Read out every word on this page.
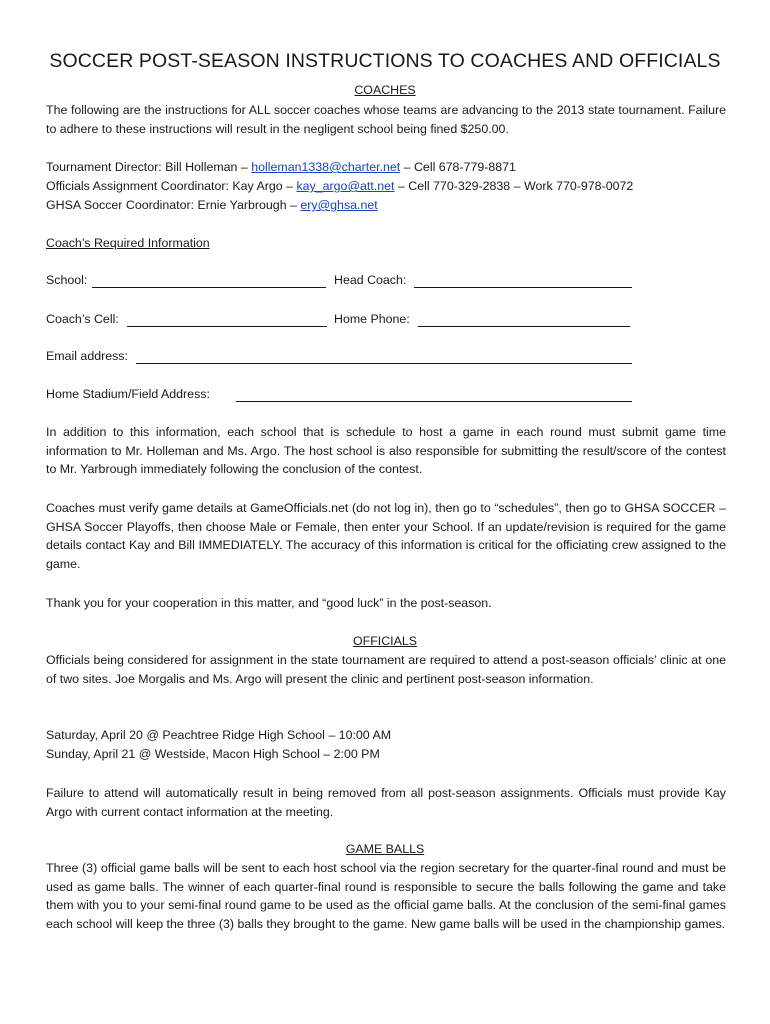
SOCCER POST-SEASON INSTRUCTIONS TO COACHES AND OFFICIALS
COACHES
The following are the instructions for ALL soccer coaches whose teams are advancing to the 2013 state tournament. Failure to adhere to these instructions will result in the negligent school being fined $250.00.
Tournament Director: Bill Holleman – holleman1338@charter.net – Cell 678-779-8871
Officials Assignment Coordinator: Kay Argo – kay_argo@att.net – Cell 770-329-2838 – Work 770-978-0072
GHSA Soccer Coordinator: Ernie Yarbrough – ery@ghsa.net
Coach’s Required Information
School:	Head Coach:
Coach’s Cell:	Home Phone:
Email address:
Home Stadium/Field Address:
In addition to this information, each school that is schedule to host a game in each round must submit game time information to Mr. Holleman and Ms. Argo. The host school is also responsible for submitting the result/score of the contest to Mr. Yarbrough immediately following the conclusion of the contest.
Coaches must verify game details at GameOfficials.net (do not log in), then go to “schedules”, then go to GHSA SOCCER – GHSA Soccer Playoffs, then choose Male or Female, then enter your School. If an update/revision is required for the game details contact Kay and Bill IMMEDIATELY. The accuracy of this information is critical for the officiating crew assigned to the game.
Thank you for your cooperation in this matter, and “good luck” in the post-season.
OFFICIALS
Officials being considered for assignment in the state tournament are required to attend a post-season officials’ clinic at one of two sites. Joe Morgalis and Ms. Argo will present the clinic and pertinent post-season information.
Saturday, April 20 @ Peachtree Ridge High School – 10:00 AM
Sunday, April 21 @ Westside, Macon High School – 2:00 PM
Failure to attend will automatically result in being removed from all post-season assignments. Officials must provide Kay Argo with current contact information at the meeting.
GAME BALLS
Three (3) official game balls will be sent to each host school via the region secretary for the quarter-final round and must be used as game balls. The winner of each quarter-final round is responsible to secure the balls following the game and take them with you to your semi-final round game to be used as the official game balls. At the conclusion of the semi-final games each school will keep the three (3) balls they brought to the game. New game balls will be used in the championship games.
